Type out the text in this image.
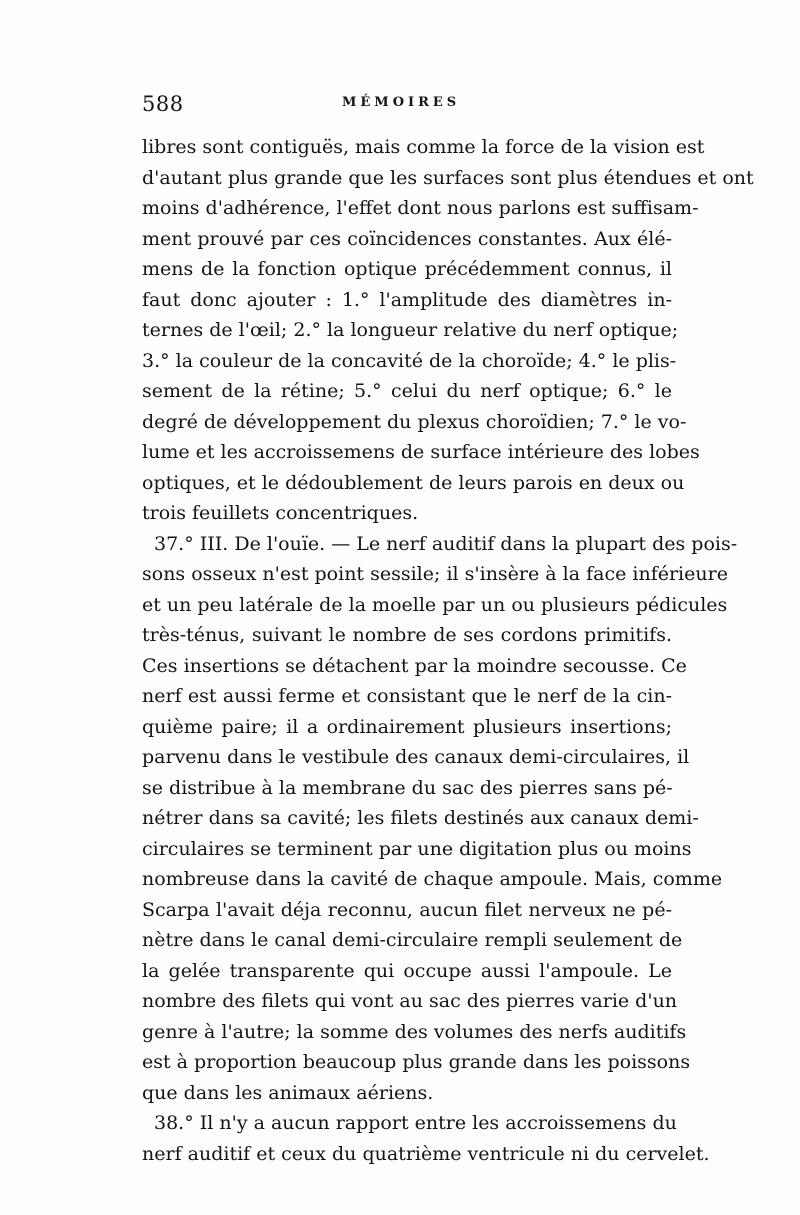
588	MÉMOIRES
libres sont contiguës, mais comme la force de la vision est
d'autant plus grande que les surfaces sont plus étendues et ont
moins d'adhérence, l'effet dont nous parlons est suffisam-
ment prouvé par ces coïncidences constantes. Aux élé-
mens de la fonction optique précédemment connus, il
faut donc ajouter : 1.° l'amplitude des diamètres in-
ternes de l'œil; 2.° la longueur relative du nerf optique;
3.° la couleur de la concavité de la choroïde; 4.° le plis-
sement de la rétine; 5.° celui du nerf optique; 6.° le
degré de développement du plexus choroïdien; 7.° le vo-
lume et les accroissemens de surface intérieure des lobes
optiques, et le dédoublement de leurs parois en deux ou
trois feuillets concentriques.
37.° III. De l'ouïe. — Le nerf auditif dans la plupart des pois-
sons osseux n'est point sessile; il s'insère à la face inférieure
et un peu latérale de la moelle par un ou plusieurs pédicules
très-ténus, suivant le nombre de ses cordons primitifs.
Ces insertions se détachent par la moindre secousse. Ce
nerf est aussi ferme et consistant que le nerf de la cin-
quième paire; il a ordinairement plusieurs insertions;
parvenu dans le vestibule des canaux demi-circulaires, il
se distribue à la membrane du sac des pierres sans pé-
nétrer dans sa cavité; les filets destinés aux canaux demi-
circulaires se terminent par une digitation plus ou moins
nombreuse dans la cavité de chaque ampoule. Mais, comme
Scarpa l'avait déja reconnu, aucun filet nerveux ne pé-
nètre dans le canal demi-circulaire rempli seulement de
la gelée transparente qui occupe aussi l'ampoule. Le
nombre des filets qui vont au sac des pierres varie d'un
genre à l'autre; la somme des volumes des nerfs auditifs
est à proportion beaucoup plus grande dans les poissons
que dans les animaux aériens.
38.° Il n'y a aucun rapport entre les accroissemens du
nerf auditif et ceux du quatrième ventricule ni du cervelet.
